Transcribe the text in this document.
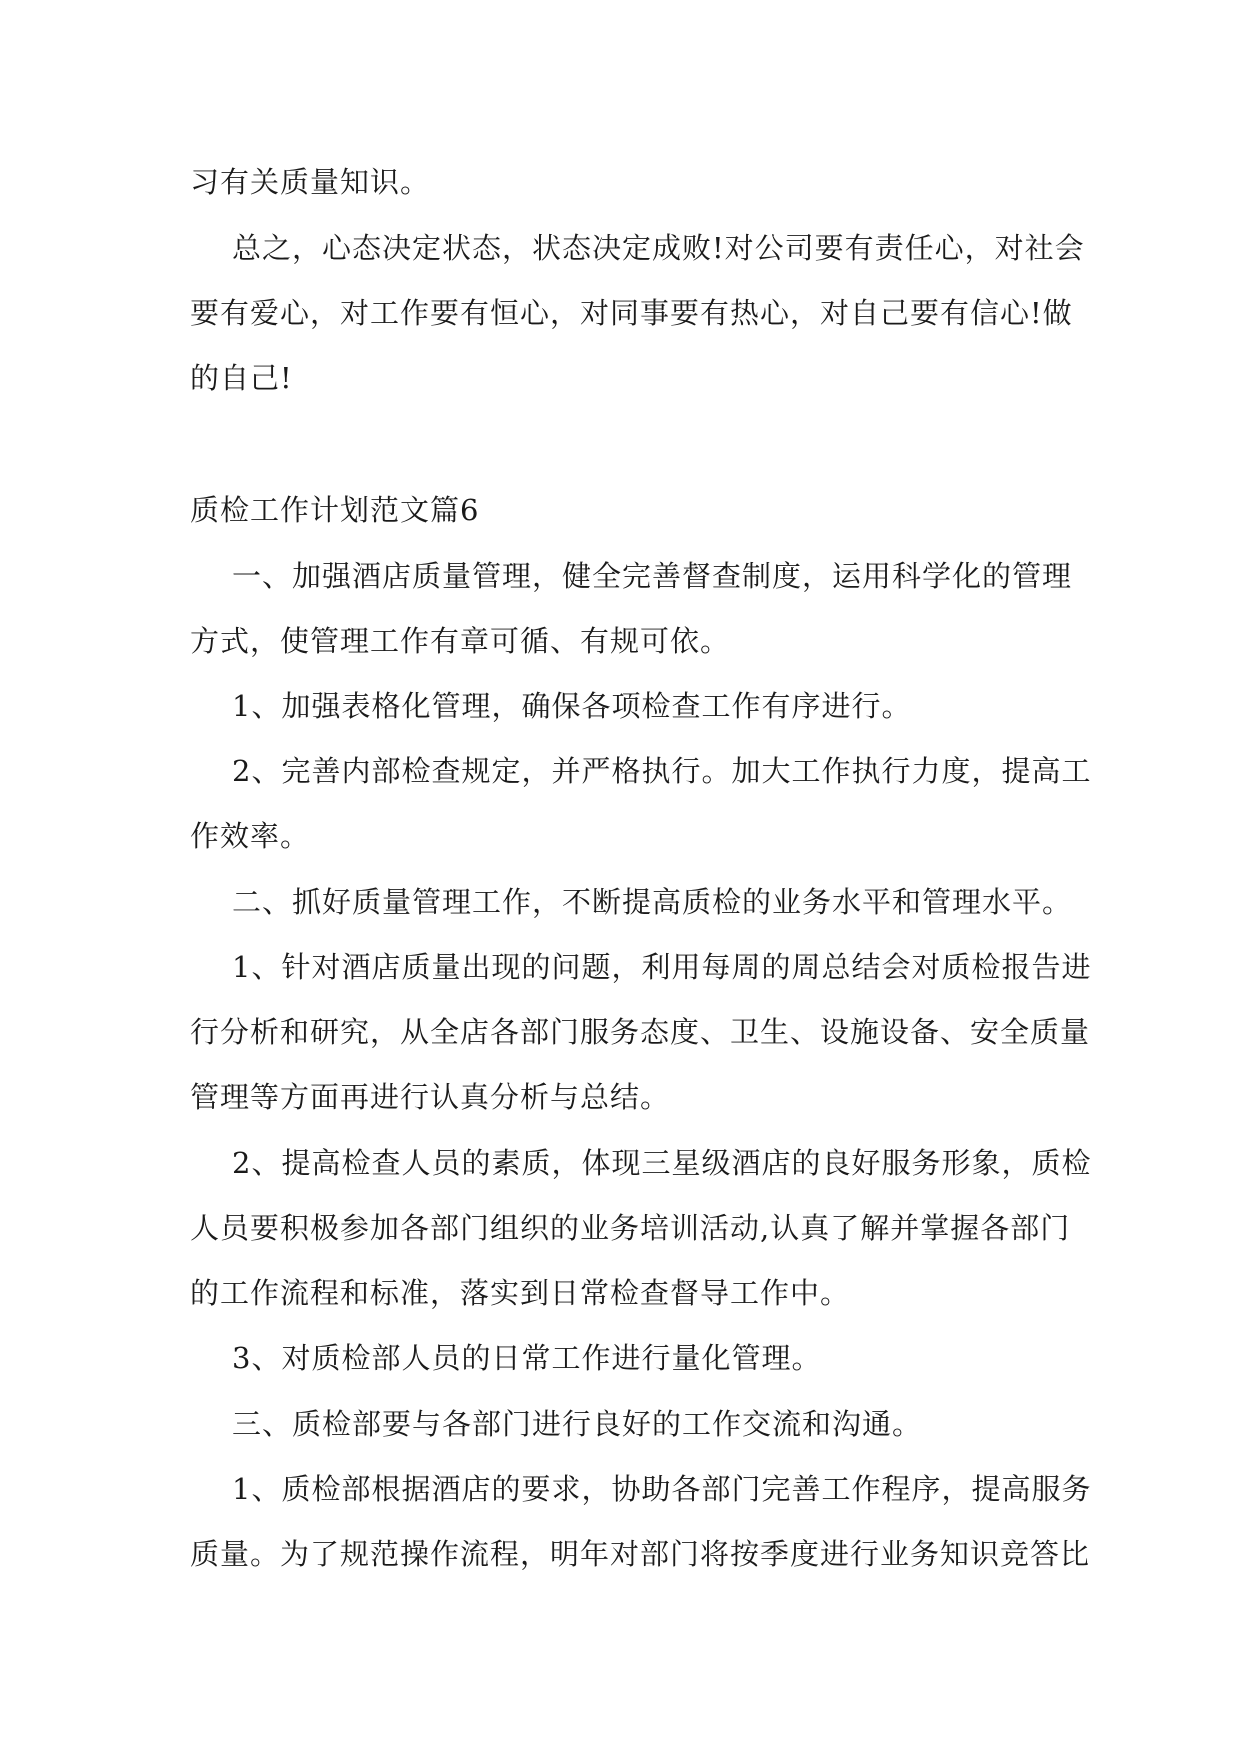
习有关质量知识。
总之，心态决定状态，状态决定成败!对公司要有责任心，对社会
要有爱心，对工作要有恒心，对同事要有热心，对自己要有信心!做
的自己!
质检工作计划范文篇6
一、加强酒店质量管理，健全完善督查制度，运用科学化的管理
方式，使管理工作有章可循、有规可依。
1、加强表格化管理，确保各项检查工作有序进行。
2、完善内部检查规定，并严格执行。加大工作执行力度，提高工
作效率。
二、抓好质量管理工作，不断提高质检的业务水平和管理水平。
1、针对酒店质量出现的问题，利用每周的周总结会对质检报告进
行分析和研究，从全店各部门服务态度、卫生、设施设备、安全质量
管理等方面再进行认真分析与总结。
2、提高检查人员的素质，体现三星级酒店的良好服务形象，质检
人员要积极参加各部门组织的业务培训活动,认真了解并掌握各部门
的工作流程和标准，落实到日常检查督导工作中。
3、对质检部人员的日常工作进行量化管理。
三、质检部要与各部门进行良好的工作交流和沟通。
1、质检部根据酒店的要求，协助各部门完善工作程序，提高服务
质量。为了规范操作流程，明年对部门将按季度进行业务知识竞答比
